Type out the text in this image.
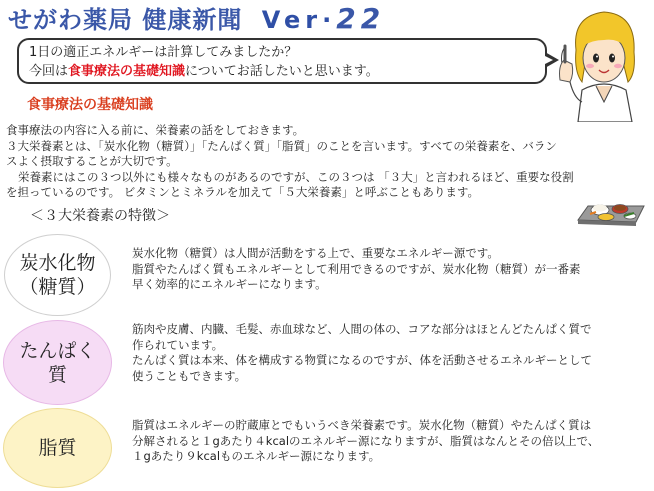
せがわ薬局 健康新聞 Ver·22
1日の適正エネルギーは計算してみましたか？
今回は食事療法の基礎知識についてお話したいと思います。
食事療法の基礎知識
食事療法の内容に入る前に、栄養素の話をしておきます。
３大栄養素とは、「炭水化物（糖質）」「たんぱく質」「脂質」のことを言います。すべての栄養素を、バラン
スよく摂取することが大切です。
栄養素にはこの３つ以外にも様々なものがあるのですが、この３つは 「３大」と言われるほど、重要な役割
を担っているのです。 ビタミンとミネラルを加えて「５大栄養素」と呼ぶこともあります。
＜３大栄養素の特徴＞
炭水化物
（糖質）
炭水化物（糖質）は人間が活動をする上で、重要なエネルギー源です。
脂質やたんぱく質もエネルギーとして利用できるのですが、炭水化物（糖質）が一番素
早く効率的にエネルギーになります。
たんぱく
質
筋肉や皮膚、内臓、毛髪、赤血球など、人間の体の、コアな部分はほとんどたんぱく質で
作られています。
たんぱく質は本来、体を構成する物質になるのですが、体を活動させるエネルギーとして
使うこともできます。
脂質
脂質はエネルギーの貯蔵庫とでもいうべき栄養素です。炭水化物（糖質）やたんぱく質は
分解されると１gあたり４kcalのエネルギー源になりますが、脂質はなんとその倍以上で、
１gあたり９kcalものエネルギー源になります。
